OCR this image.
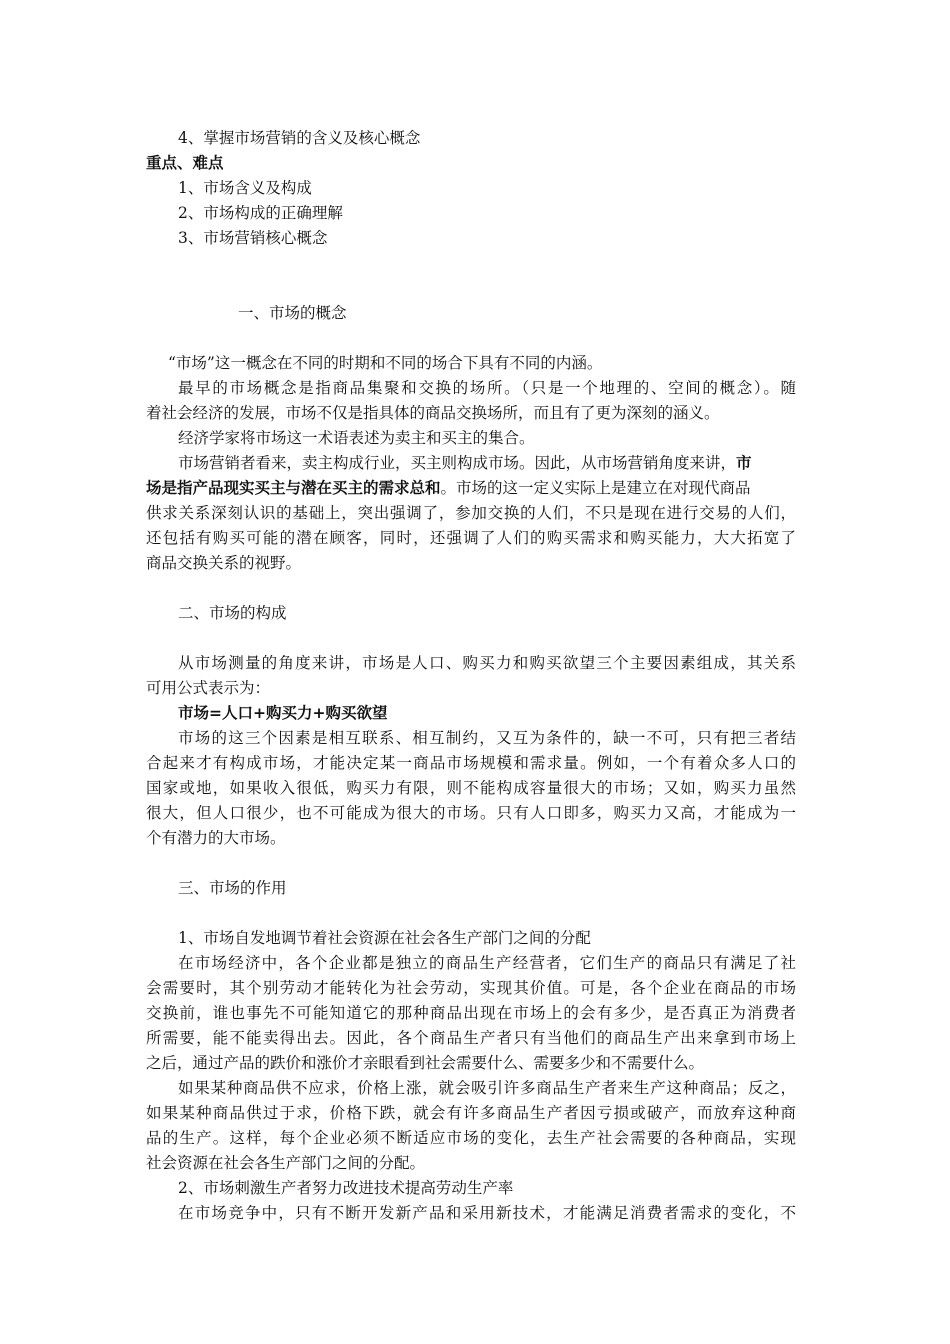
4、掌握市场营销的含义及核心概念
重点、难点
1、市场含义及构成
2、市场构成的正确理解
3、市场营销核心概念
一、市场的概念
“市场”这一概念在不同的时期和不同的场合下具有不同的内涵。
最早的市场概念是指商品集聚和交换的场所。（只是一个地理的、空间的概念）。随
着社会经济的发展，市场不仅是指具体的商品交换场所，而且有了更为深刻的涵义。
经济学家将市场这一术语表述为卖主和买主的集合。
市场营销者看来，卖主构成行业，买主则构成市场。因此，从市场营销角度来讲，市
场是指产品现实买主与潜在买主的需求总和。市场的这一定义实际上是建立在对现代商品
供求关系深刻认识的基础上，突出强调了，参加交换的人们，不只是现在进行交易的人们，
还包括有购买可能的潜在顾客，同时，还强调了人们的购买需求和购买能力，大大拓宽了
商品交换关系的视野。
二、市场的构成
从市场测量的角度来讲，市场是人口、购买力和购买欲望三个主要因素组成，其关系
可用公式表示为：
市场=人口+购买力+购买欲望
市场的这三个因素是相互联系、相互制约，又互为条件的，缺一不可，只有把三者结
合起来才有构成市场，才能决定某一商品市场规模和需求量。例如，一个有着众多人口的
国家或地，如果收入很低，购买力有限，则不能构成容量很大的市场；又如，购买力虽然
很大，但人口很少，也不可能成为很大的市场。只有人口即多，购买力又高，才能成为一
个有潜力的大市场。
三、市场的作用
1、市场自发地调节着社会资源在社会各生产部门之间的分配
在市场经济中，各个企业都是独立的商品生产经营者，它们生产的商品只有满足了社
会需要时，其个别劳动才能转化为社会劳动，实现其价值。可是，各个企业在商品的市场
交换前，谁也事先不可能知道它的那种商品出现在市场上的会有多少，是否真正为消费者
所需要，能不能卖得出去。因此，各个商品生产者只有当他们的商品生产出来拿到市场上
之后，通过产品的跌价和涨价才亲眼看到社会需要什么、需要多少和不需要什么。
如果某种商品供不应求，价格上涨，就会吸引许多商品生产者来生产这种商品；反之，
如果某种商品供过于求，价格下跌，就会有许多商品生产者因亏损或破产，而放弃这种商
品的生产。这样，每个企业必须不断适应市场的变化，去生产社会需要的各种商品，实现
社会资源在社会各生产部门之间的分配。
2、市场刺激生产者努力改进技术提高劳动生产率
在市场竞争中，只有不断开发新产品和采用新技术，才能满足消费者需求的变化，不
